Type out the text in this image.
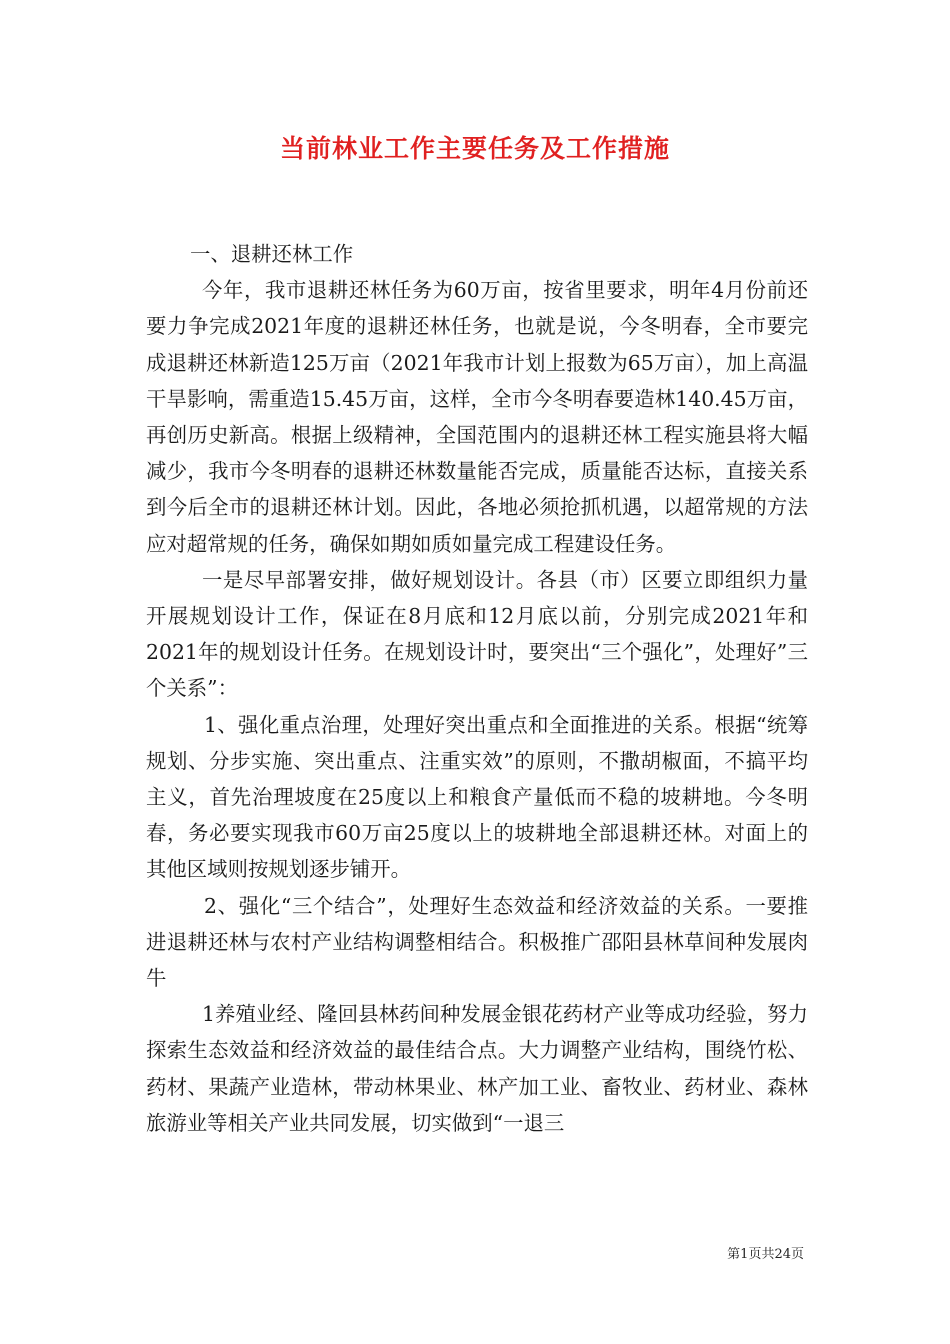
当前林业工作主要任务及工作措施

一、退耕还林工作

今年，我市退耕还林任务为60万亩，按省里要求，明年4月份前还要力争完成2021年度的退耕还林任务，也就是说，今冬明春，全市要完成退耕还林新造125万亩（2021年我市计划上报数为65万亩），加上高温干旱影响，需重造15.45万亩，这样，全市今冬明春要造林140.45万亩，再创历史新高。根据上级精神，全国范围内的退耕还林工程实施县将大幅减少，我市今冬明春的退耕还林数量能否完成，质量能否达标，直接关系到今后全市的退耕还林计划。因此，各地必须抢抓机遇，以超常规的方法应对超常规的任务，确保如期如质如量完成工程建设任务。

一是尽早部署安排，做好规划设计。各县（市）区要立即组织力量开展规划设计工作，保证在8月底和12月底以前，分别完成2021年和2021年的规划设计任务。在规划设计时，要突出“三个强化”，处理好”三个关系”：

1、强化重点治理，处理好突出重点和全面推进的关系。根据“统筹规划、分步实施、突出重点、注重实效”的原则，不撒胡椒面，不搞平均主义，首先治理坡度在25度以上和粮食产量低而不稳的坡耕地。今冬明春，务必要实现我市60万亩25度以上的坡耕地全部退耕还林。对面上的其他区域则按规划逐步铺开。

2、强化“三个结合”，处理好生态效益和经济效益的关系。一要推进退耕还林与农村产业结构调整相结合。积极推广邵阳县林草间种发展肉牛

1养殖业经、隆回县林药间种发展金银花药材产业等成功经验，努力探索生态效益和经济效益的最佳结合点。大力调整产业结构，围绕竹松、药材、果蔬产业造林，带动林果业、林产加工业、畜牧业、药材业、森林旅游业等相关产业共同发展，切实做到“一退三

第1页共24页
